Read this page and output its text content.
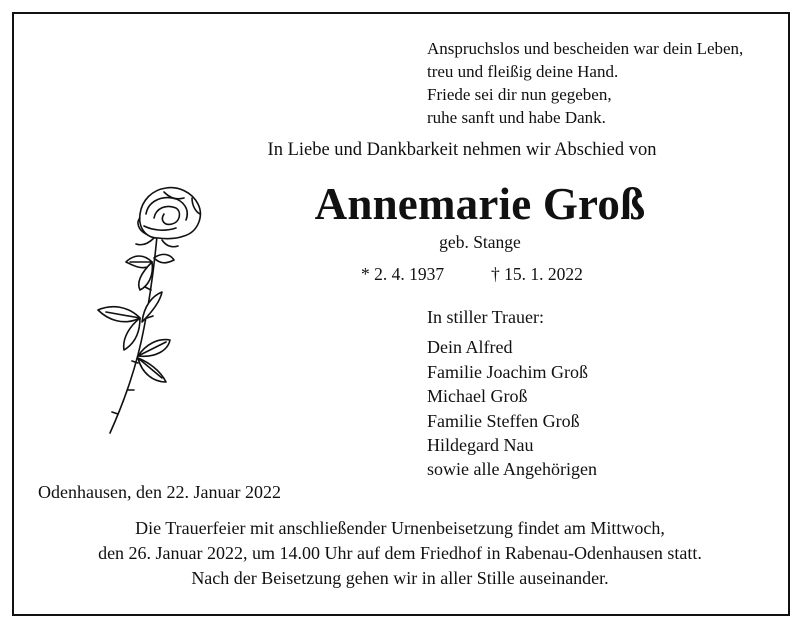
Anspruchslos und bescheiden war dein Leben,
treu und fleißig deine Hand.
Friede sei dir nun gegeben,
ruhe sanft und habe Dank.
In Liebe und Dankbarkeit nehmen wir Abschied von
Annemarie Groß
geb. Stange
* 2. 4. 1937	† 15. 1. 2022
In stiller Trauer:
Dein Alfred
Familie Joachim Groß
Michael Groß
Familie Steffen Groß
Hildegard Nau
sowie alle Angehörigen
Odenhausen, den 22. Januar 2022
Die Trauerfeier mit anschließender Urnenbeisetzung findet am Mittwoch,
den 26. Januar 2022, um 14.00 Uhr auf dem Friedhof in Rabenau-Odenhausen statt.
Nach der Beisetzung gehen wir in aller Stille auseinander.
